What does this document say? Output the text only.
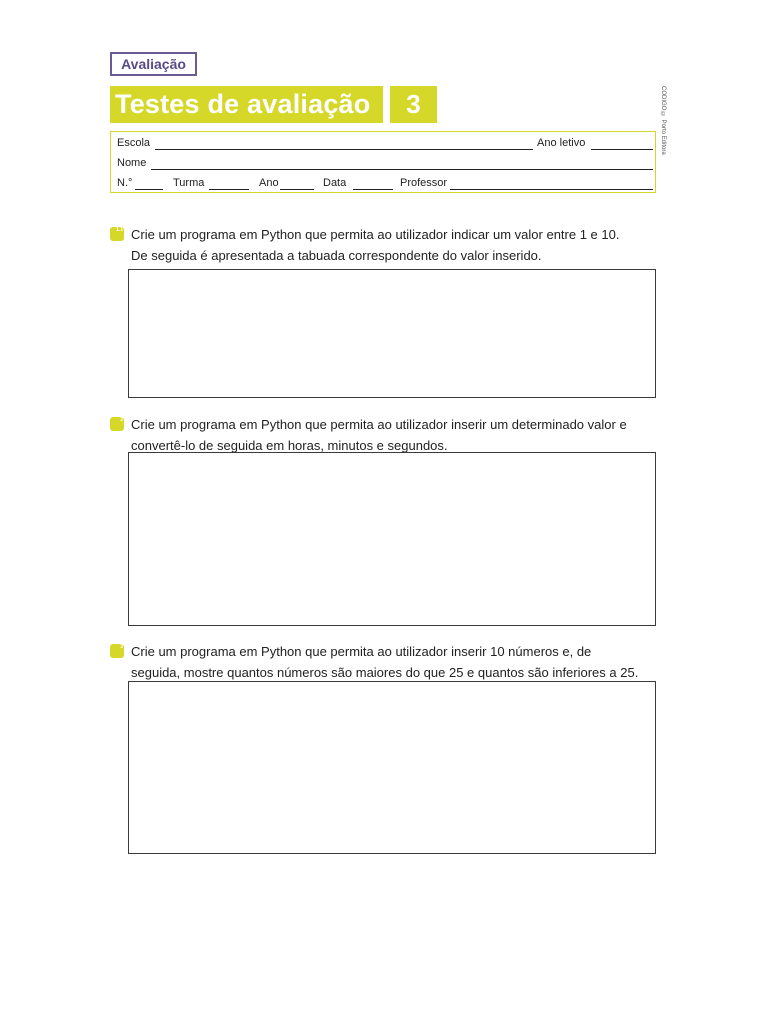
Avaliação
Testes de avaliação	3	CODIGO © Porto Editora
Escola	Ano letivo
Nome
N.°	Turma	Ano	Data	Professor
1.1 Crie um programa em Python que permita ao utilizador indicar um valor entre 1 e 10.
De seguida é apresentada a tabuada correspondente do valor inserido.
2 Crie um programa em Python que permita ao utilizador inserir um determinado valor e
convertê-lo de seguida em horas, minutos e segundos.
3 Crie um programa em Python que permita ao utilizador inserir 10 números e, de
seguida, mostre quantos números são maiores do que 25 e quantos são inferiores a 25.
